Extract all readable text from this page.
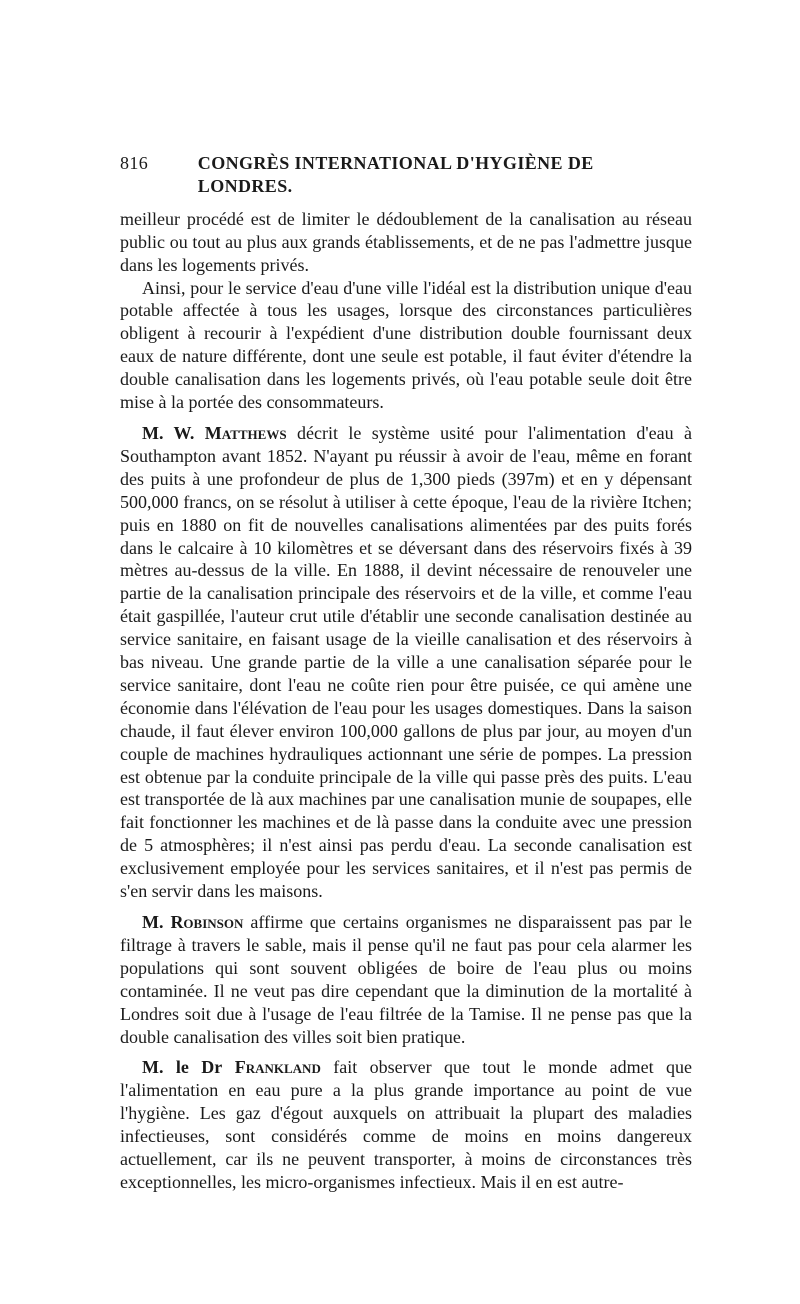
816	CONGRÈS INTERNATIONAL D'HYGIÈNE DE LONDRES.

meilleur procédé est de limiter le dédoublement de la canalisation au réseau public ou tout au plus aux grands établissements, et de ne pas l'admettre jusque dans les logements privés.

Ainsi, pour le service d'eau d'une ville l'idéal est la distribution unique d'eau potable affectée à tous les usages, lorsque des circonstances particulières obligent à recourir à l'expédient d'une distribution double fournissant deux eaux de nature différente, dont une seule est potable, il faut éviter d'étendre la double canalisation dans les logements privés, où l'eau potable seule doit être mise à la portée des consommateurs.

M. W. Matthews décrit le système usité pour l'alimentation d'eau à Southampton avant 1852. N'ayant pu réussir à avoir de l'eau, même en forant des puits à une profondeur de plus de 1,300 pieds (397m) et en y dépensant 500,000 francs, on se résolut à utiliser à cette époque, l'eau de la rivière Itchen; puis en 1880 on fit de nouvelles canalisations alimentées par des puits forés dans le calcaire à 10 kilomètres et se déversant dans des réservoirs fixés à 39 mètres au-dessus de la ville. En 1888, il devint nécessaire de renouveler une partie de la canalisation principale des réservoirs et de la ville, et comme l'eau était gaspillée, l'auteur crut utile d'établir une seconde canalisation destinée au service sanitaire, en faisant usage de la vieille canalisation et des réservoirs à bas niveau. Une grande partie de la ville a une canalisation séparée pour le service sanitaire, dont l'eau ne coûte rien pour être puisée, ce qui amène une économie dans l'élévation de l'eau pour les usages domestiques. Dans la saison chaude, il faut élever environ 100,000 gallons de plus par jour, au moyen d'un couple de machines hydrauliques actionnant une série de pompes. La pression est obtenue par la conduite principale de la ville qui passe près des puits. L'eau est transportée de là aux machines par une canalisation munie de soupapes, elle fait fonctionner les machines et de là passe dans la conduite avec une pression de 5 atmosphères; il n'est ainsi pas perdu d'eau. La seconde canalisation est exclusivement employée pour les services sanitaires, et il n'est pas permis de s'en servir dans les maisons.

M. Robinson affirme que certains organismes ne disparaissent pas par le filtrage à travers le sable, mais il pense qu'il ne faut pas pour cela alarmer les populations qui sont souvent obligées de boire de l'eau plus ou moins contaminée. Il ne veut pas dire cependant que la diminution de la mortalité à Londres soit due à l'usage de l'eau filtrée de la Tamise. Il ne pense pas que la double canalisation des villes soit bien pratique.

M. le Dr Frankland fait observer que tout le monde admet que l'alimentation en eau pure a la plus grande importance au point de vue l'hygiène. Les gaz d'égout auxquels on attribuait la plupart des maladies infectieuses, sont considérés comme de moins en moins dangereux actuellement, car ils ne peuvent transporter, à moins de circonstances très exceptionnelles, les micro-organismes infectieux. Mais il en est autre-
